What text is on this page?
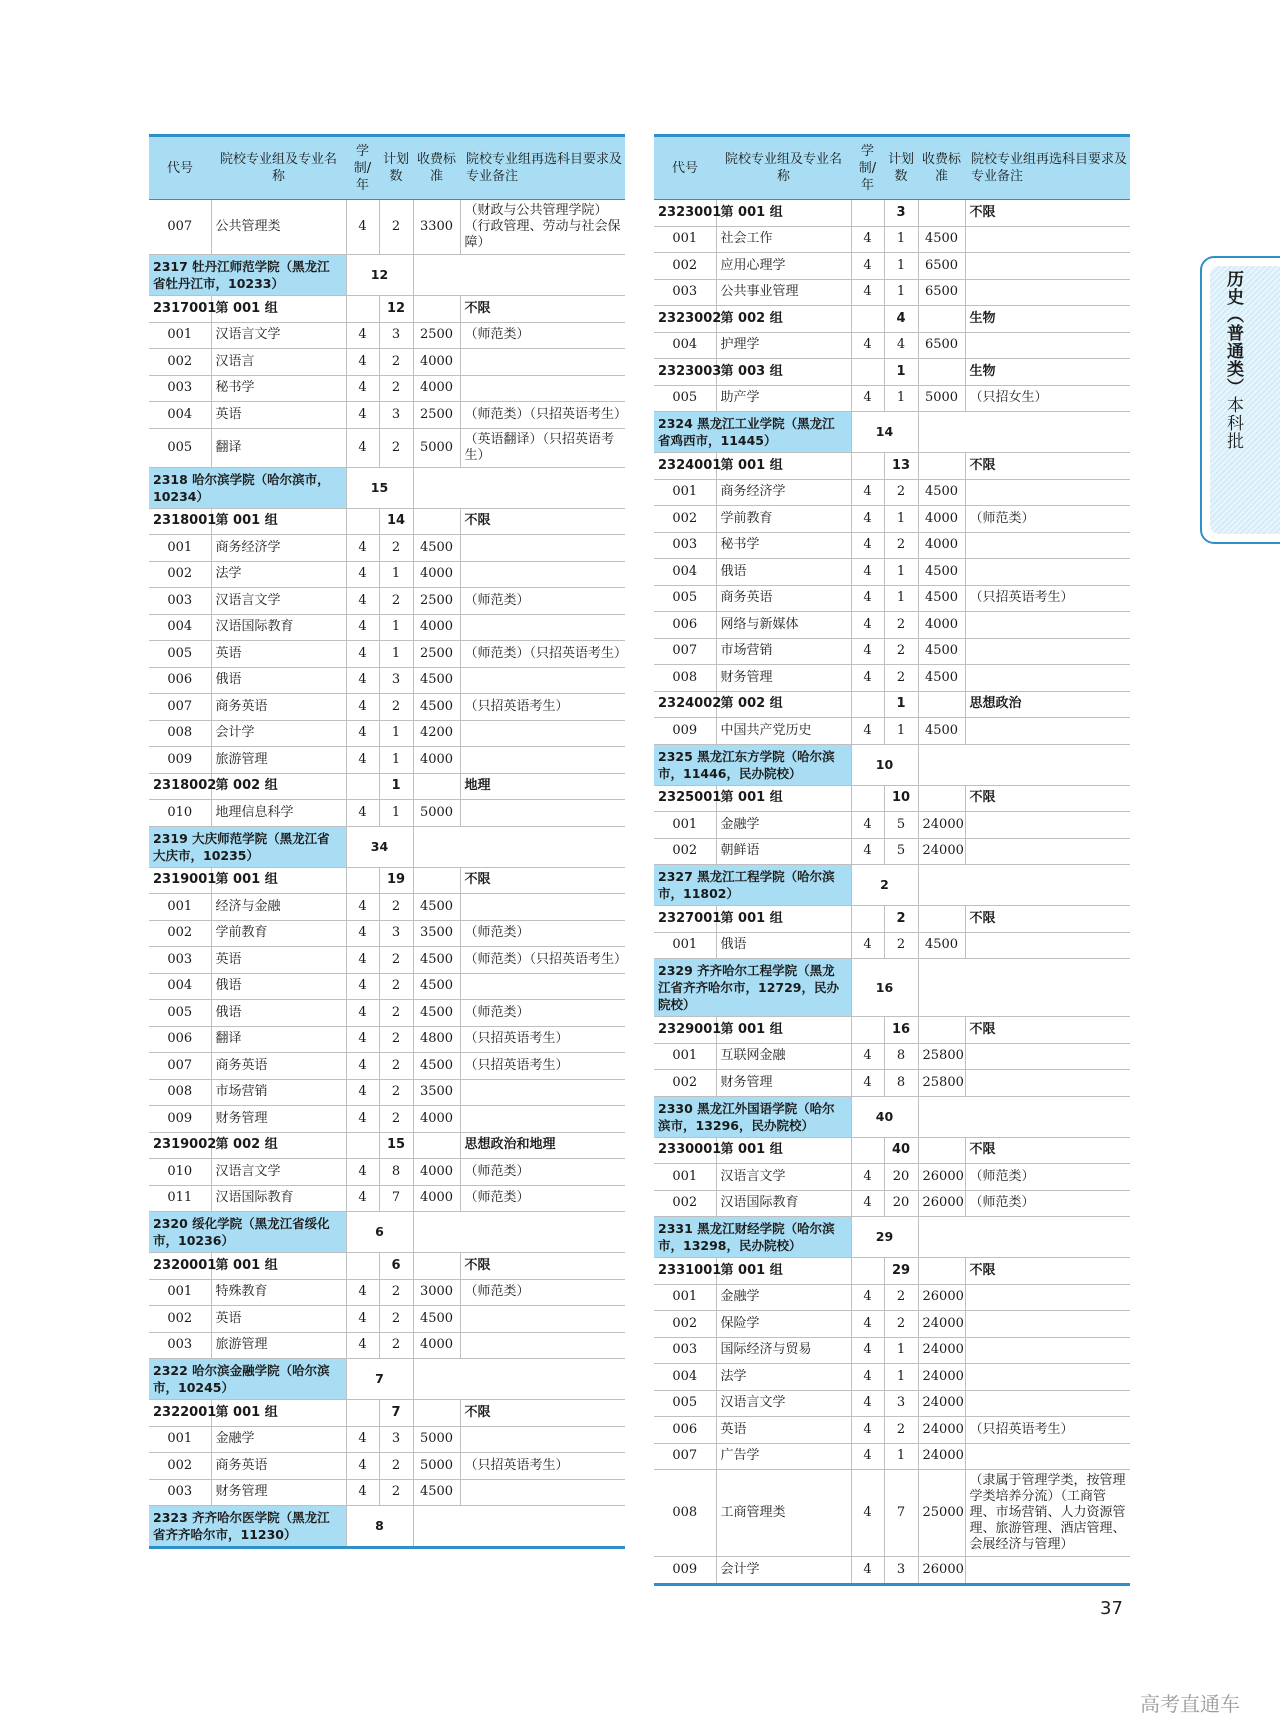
代号	院校专业组及专业名称	学制/年	计划数	收费标准	院校专业组再选科目要求及专业备注
007	公共管理类	4	2	3300	（财政与公共管理学院）（行政管理、劳动与社会保障）
2317 牡丹江师范学院（黑龙江省牡丹江市，10233）		12			
2317001	第 001 组		12		不限
001	汉语言文学	4	3	2500	（师范类）
002	汉语言	4	2	4000	
003	秘书学	4	2	4000	
004	英语	4	3	2500	（师范类）（只招英语考生）
005	翻译	4	2	5000	（英语翻译）（只招英语考生）
2318 哈尔滨学院（哈尔滨市，10234）		15			
2318001	第 001 组		14		不限
001	商务经济学	4	2	4500	
002	法学	4	1	4000	
003	汉语言文学	4	2	2500	（师范类）
004	汉语国际教育	4	1	4000	
005	英语	4	1	2500	（师范类）（只招英语考生）
006	俄语	4	3	4500	
007	商务英语	4	2	4500	（只招英语考生）
008	会计学	4	1	4200	
009	旅游管理	4	1	4000	
2318002	第 002 组		1		地理
010	地理信息科学	4	1	5000	
2319 大庆师范学院（黑龙江省大庆市，10235）		34			
2319001	第 001 组		19		不限
001	经济与金融	4	2	4500	
002	学前教育	4	3	3500	（师范类）
003	英语	4	2	4500	（师范类）（只招英语考生）
004	俄语	4	2	4500	
005	俄语	4	2	4500	（师范类）
006	翻译	4	2	4800	（只招英语考生）
007	商务英语	4	2	4500	（只招英语考生）
008	市场营销	4	2	3500	
009	财务管理	4	2	4000	
2319002	第 002 组		15		思想政治和地理
010	汉语言文学	4	8	4000	（师范类）
011	汉语国际教育	4	7	4000	（师范类）
2320 绥化学院（黑龙江省绥化市，10236）		6			
2320001	第 001 组		6		不限
001	特殊教育	4	2	3000	（师范类）
002	英语	4	2	4500	
003	旅游管理	4	2	4000	
2322 哈尔滨金融学院（哈尔滨市，10245）		7			
2322001	第 001 组		7		不限
001	金融学	4	3	5000	
002	商务英语	4	2	5000	（只招英语考生）
003	财务管理	4	2	4500	
2323 齐齐哈尔医学院（黑龙江省齐齐哈尔市，11230）		8			
代号	院校专业组及专业名称	学制/年	计划数	收费标准	院校专业组再选科目要求及专业备注
2323001	第 001 组		3		不限
001	社会工作	4	1	4500	
002	应用心理学	4	1	6500	
003	公共事业管理	4	1	6500	
2323002	第 002 组		4		生物
004	护理学	4	4	6500	
2323003	第 003 组		1		生物
005	助产学	4	1	5000	（只招女生）
2324 黑龙江工业学院（黑龙江省鸡西市，11445）		14			
2324001	第 001 组		13		不限
001	商务经济学	4	2	4500	
002	学前教育	4	1	4000	（师范类）
003	秘书学	4	2	4000	
004	俄语	4	1	4500	
005	商务英语	4	1	4500	（只招英语考生）
006	网络与新媒体	4	2	4000	
007	市场营销	4	2	4500	
008	财务管理	4	2	4500	
2324002	第 002 组		1		思想政治
009	中国共产党历史	4	1	4500	
2325 黑龙江东方学院（哈尔滨市，11446，民办院校）		10			
2325001	第 001 组		10		不限
001	金融学	4	5	24000	
002	朝鲜语	4	5	24000	
2327 黑龙江工程学院（哈尔滨市，11802）		2			
2327001	第 001 组		2		不限
001	俄语	4	2	4500	
2329 齐齐哈尔工程学院（黑龙江省齐齐哈尔市，12729，民办院校）		16			
2329001	第 001 组		16		不限
001	互联网金融	4	8	25800	
002	财务管理	4	8	25800	
2330 黑龙江外国语学院（哈尔滨市，13296，民办院校）		40			
2330001	第 001 组		40		不限
001	汉语言文学	4	20	26000	（师范类）
002	汉语国际教育	4	20	26000	（师范类）
2331 黑龙江财经学院（哈尔滨市，13298，民办院校）		29			
2331001	第 001 组		29		不限
001	金融学	4	2	26000	
002	保险学	4	2	24000	
003	国际经济与贸易	4	1	24000	
004	法学	4	1	24000	
005	汉语言文学	4	3	24000	
006	英语	4	2	24000	（只招英语考生）
007	广告学	4	1	24000	
008	工商管理类	4	7	25000	（隶属于管理学类，按管理学类培养分流）（工商管理、市场营销、人力资源管理、旅游管理、酒店管理、会展经济与管理）
009	会计学	4	3	26000	
历史（普通类）本科批
37
高考直通车
